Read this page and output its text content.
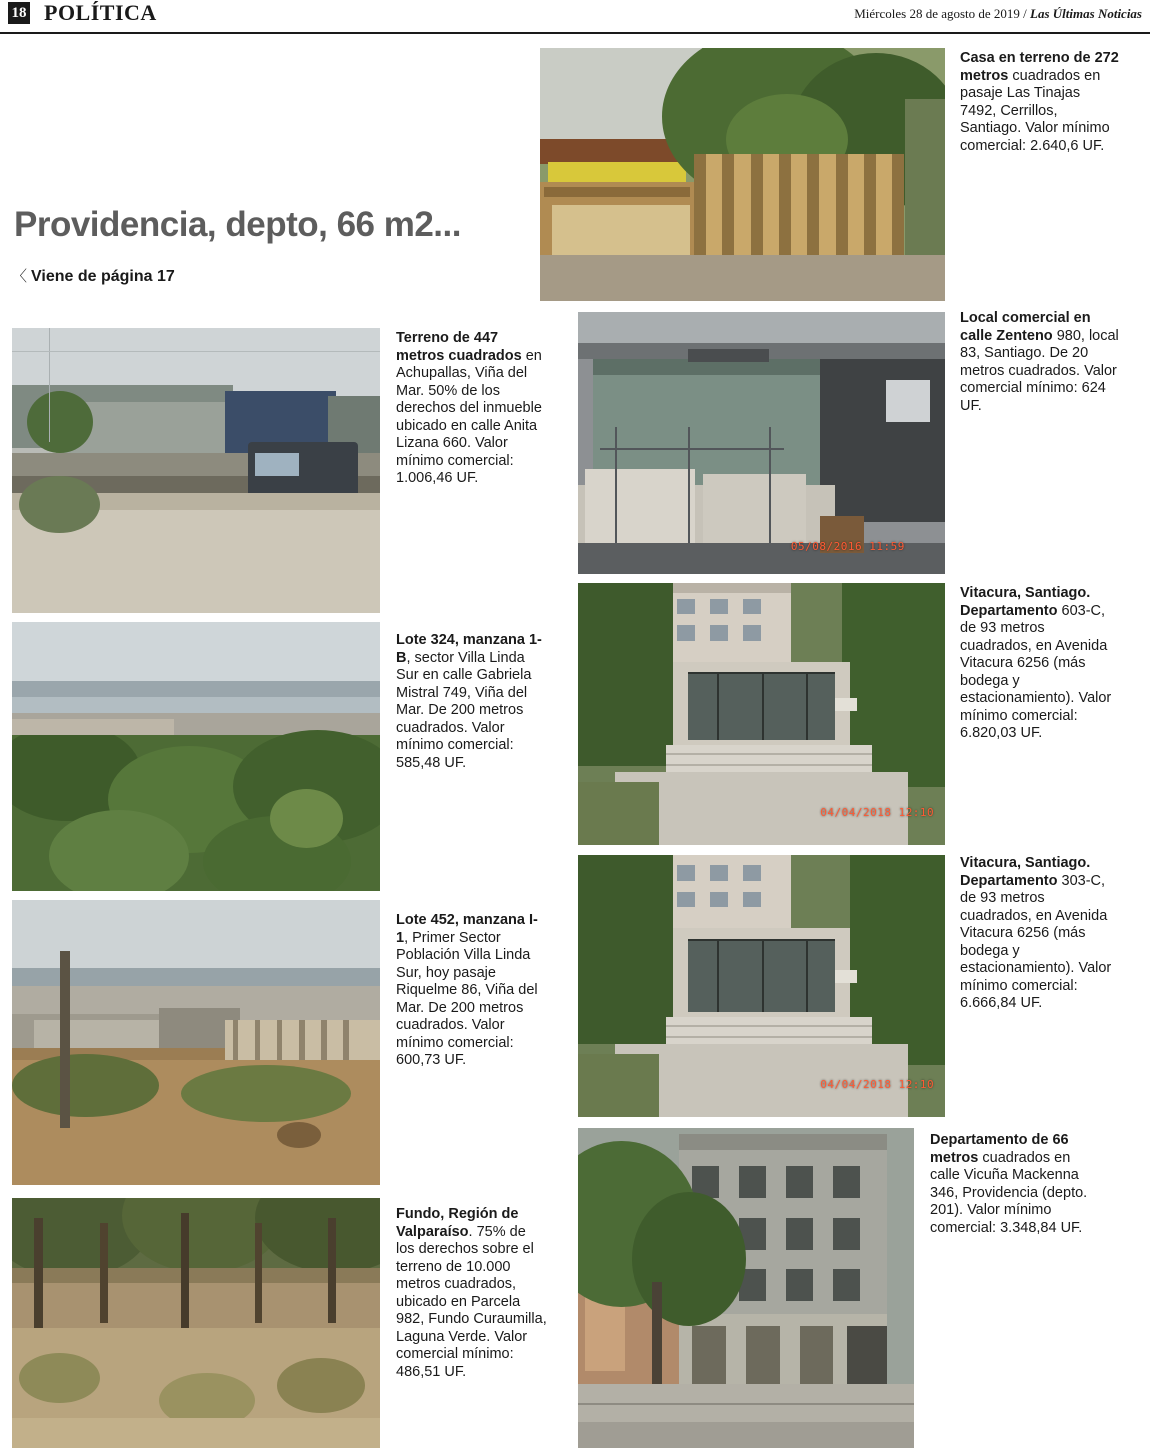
18 POLÍTICA	Miércoles 28 de agosto de 2019 / Las Últimas Noticias
Providencia, depto, 66 m2...
〈 Viene de página 17
Casa en terreno de 272 metros cuadrados en pasaje Las Tinajas 7492, Cerrillos, Santiago. Valor mínimo comercial: 2.640,6 UF.
Terreno de 447 metros cuadrados en Achupallas, Viña del Mar. 50% de los derechos del inmueble ubicado en calle Anita Lizana 660. Valor mínimo comercial: 1.006,46 UF.
05/08/2016 11:59
Local comercial en calle Zenteno 980, local 83, Santiago. De 20 metros cuadrados. Valor comercial mínimo: 624 UF.
Lote 324, manzana 1-B, sector Villa Linda Sur en calle Gabriela Mistral 749, Viña del Mar. De 200 metros cuadrados. Valor mínimo comercial: 585,48 UF.
04/04/2018 12:10
Vitacura, Santiago. Departamento 603-C, de 93 metros cuadrados, en Avenida Vitacura 6256 (más bodega y estacionamiento). Valor mínimo comercial: 6.820,03 UF.
Lote 452, manzana I-1, Primer Sector Población Villa Linda Sur, hoy pasaje Riquelme 86, Viña del Mar. De 200 metros cuadrados. Valor mínimo comercial: 600,73 UF.
04/04/2018 12:10
Vitacura, Santiago. Departamento 303-C, de 93 metros cuadrados, en Avenida Vitacura 6256 (más bodega y estacionamiento). Valor mínimo comercial: 6.666,84 UF.
Departamento de 66 metros cuadrados en calle Vicuña Mackenna 346, Providencia (depto. 201). Valor mínimo comercial: 3.348,84 UF.
Fundo, Región de Valparaíso. 75% de los derechos sobre el terreno de 10.000 metros cuadrados, ubicado en Parcela 982, Fundo Curaumilla, Laguna Verde. Valor comercial mínimo: 486,51 UF.
